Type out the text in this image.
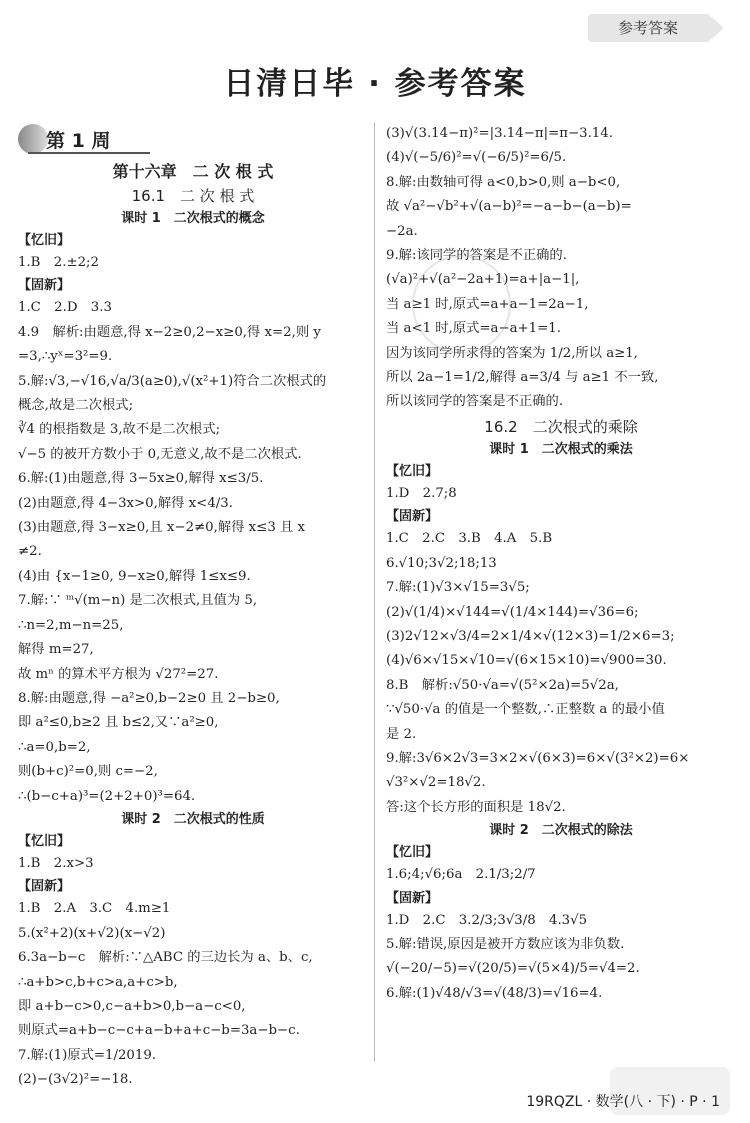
参考答案
日清日毕 · 参考答案
第 1 周
第十六章　二 次 根 式
16.1　二 次 根 式
课时 1　二次根式的概念
【忆旧】
1.B　2.±2;2
【固新】
1.C　2.D　3.3
4.9　解析:由题意,得 x−2≥0,2−x≥0,得 x=2,则 y
=3,∴yˣ=3²=9.
5.解:√3,−√16,√a/3(a≥0),√(x²+1)符合二次根式的
概念,故是二次根式;
∛4 的根指数是 3,故不是二次根式;
√−5 的被开方数小于 0,无意义,故不是二次根式.
6.解:(1)由题意,得 3−5x≥0,解得 x≤3/5.
(2)由题意,得 4−3x>0,解得 x<4/3.
(3)由题意,得 3−x≥0,且 x−2≠0,解得 x≤3 且 x
≠2.
(4)由 {x−1≥0, 9−x≥0,解得 1≤x≤9.
7.解:∵ ᵐ√(m−n) 是二次根式,且值为 5,
∴n=2,m−n=25,
解得 m=27,
故 mⁿ 的算术平方根为 √27²=27.
8.解:由题意,得 −a²≥0,b−2≥0 且 2−b≥0,
即 a²≤0,b≥2 且 b≤2,又∵a²≥0,
∴a=0,b=2,
则(b+c)²=0,则 c=−2,
∴(b−c+a)³=(2+2+0)³=64.
课时 2　二次根式的性质
【忆旧】
1.B　2.x>3
【固新】
1.B　2.A　3.C　4.m≥1
5.(x²+2)(x+√2)(x−√2)
6.3a−b−c　解析:∵△ABC 的三边长为 a、b、c,
∴a+b>c,b+c>a,a+c>b,
即 a+b−c>0,c−a+b>0,b−a−c<0,
则原式=a+b−c−c+a−b+a+c−b=3a−b−c.
7.解:(1)原式=1/2019.
(2)−(3√2)²=−18.
(3)√(3.14−π)²=|3.14−π|=π−3.14.
(4)√(−5/6)²=√(−6/5)²=6/5.
8.解:由数轴可得 a<0,b>0,则 a−b<0,
故 √a²−√b²+√(a−b)²=−a−b−(a−b)=
−2a.
9.解:该同学的答案是不正确的.
(√a)²+√(a²−2a+1)=a+|a−1|,
当 a≥1 时,原式=a+a−1=2a−1,
当 a<1 时,原式=a−a+1=1.
因为该同学所求得的答案为 1/2,所以 a≥1,
所以 2a−1=1/2,解得 a=3/4 与 a≥1 不一致,
所以该同学的答案是不正确的.
16.2　二次根式的乘除
课时 1　二次根式的乘法
【忆旧】
1.D　2.7;8
【固新】
1.C　2.C　3.B　4.A　5.B
6.√10;3√2;18;13
7.解:(1)√3×√15=3√5;
(2)√(1/4)×√144=√(1/4×144)=√36=6;
(3)2√12×√3/4=2×1/4×√(12×3)=1/2×6=3;
(4)√6×√15×√10=√(6×15×10)=√900=30.
8.B　解析:√50·√a=√(5²×2a)=5√2a,
∵√50·√a 的值是一个整数,∴正整数 a 的最小值
是 2.
9.解:3√6×2√3=3×2×√(6×3)=6×√(3²×2)=6×
√3²×√2=18√2.
答:这个长方形的面积是 18√2.
课时 2　二次根式的除法
【忆旧】
1.6;4;√6;6a　2.1/3;2/7
【固新】
1.D　2.C　3.2/3;3√3/8　4.3√5
5.解:错误,原因是被开方数应该为非负数.
√(−20/−5)=√(20/5)=√(5×4)/5=√4=2.
6.解:(1)√48/√3=√(48/3)=√16=4.
19RQZL · 数学(八 · 下) · P · 1
